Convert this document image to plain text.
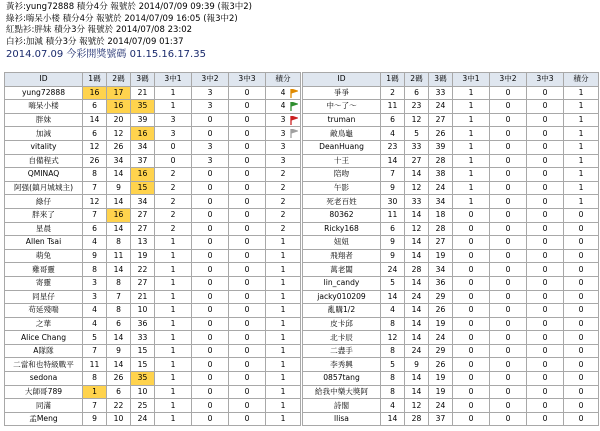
黃衫:yung72888 積分4分 報號於 2014/07/09 09:39 (報3中2)
綠衫:嗨呆小楼 積分4分 報號於 2014/07/09 16:05 (報3中2)
紅點衫:胖妹 積分3分 報號於 2014/07/08 23:02
白衫:加減 積分3分 報號於 2014/07/09 01:37
2014.07.09 今彩開獎號碼 01.15.16.17.35
ID	1碼	2碼	3碼	3中1	3中2	3中3	積分
yung72888	16	17	21	1	3	0	4
嗨呆小楼	6	16	35	1	3	0	4
胖妹	14	20	39	3	0	0	3
加減	6	12	16	3	0	0	3
vitality	12	26	34	0	3	0	3
自備程式	26	34	37	0	3	0	3
QMINAQ	8	14	16	2	0	0	2
阿强(鎮月城城主)	7	9	15	2	0	0	2
綠仔	12	14	34	2	0	0	2
胖來了	7	16	27	2	0	0	2
星晨	6	14	27	2	0	0	2
Allen Tsai	4	8	13	1	0	0	1
萌兔	9	11	19	1	0	0	1
雞哥靈	8	14	22	1	0	0	1
寄靈	3	8	27	1	0	0	1
同星仔	3	7	21	1	0	0	1
苟延殘喘	4	8	10	1	0	0	1
之華	4	6	36	1	0	0	1
Alice Chang	5	14	33	1	0	0	1
A隊隊	7	9	15	1	0	0	1
二當和也特級戰平	11	14	15	1	0	0	1
sedona	8	26	35	1	0	0	1
大師哥789	1	6	10	1	0	0	1
同滿	7	22	25	1	0	0	1
孟Meng	9	10	24	1	0	0	1
ID	1碼	2碼	3碼	3中1	3中2	3中3	積分
爭爭	2	6	33	1	0	0	1
中～了～	11	23	24	1	0	0	1
truman	6	12	27	1	0	0	1
敵鳥龜	4	5	26	1	0	0	1
DeanHuang	23	33	39	1	0	0	1
十王	14	27	28	1	0	0	1
陪吻	7	14	38	1	0	0	1
午影	9	12	24	1	0	0	1
死老百姓	30	33	34	1	0	0	1
80362	11	14	18	0	0	0	0
Ricky168	6	12	28	0	0	0	0
妞妞	9	14	27	0	0	0	0
飛翔者	9	14	19	0	0	0	0
萬老闆	24	28	34	0	0	0	0
lin_candy	5	14	36	0	0	0	0
jacky010209	14	24	29	0	0	0	0
亂購1/2	4	14	26	0	0	0	0
皮卡邱	8	14	19	0	0	0	0
北卡辰	12	14	24	0	0	0	0
二盡手	8	24	29	0	0	0	0
李秀興	5	9	26	0	0	0	0
0857tang	8	14	19	0	0	0	0
給我中樂大獎阿	8	14	19	0	0	0	0
詩閣	4	12	24	0	0	0	0
llisa	14	28	37	0	0	0	0
